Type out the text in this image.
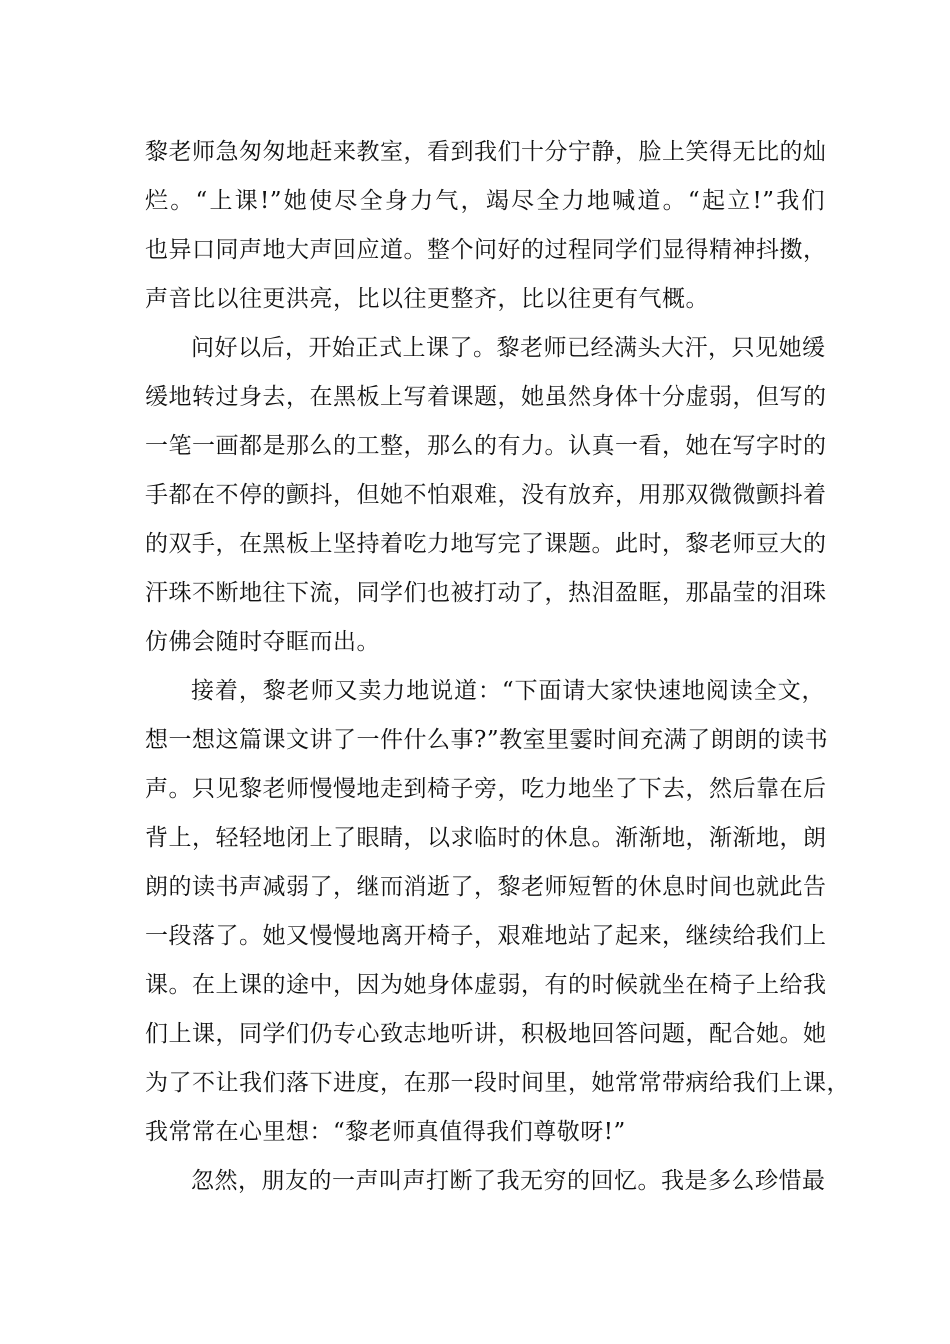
黎老师急匆匆地赶来教室，看到我们十分宁静，脸上笑得无比的灿
烂。“上课!”她使尽全身力气，竭尽全力地喊道。“起立!”我们
也异口同声地大声回应道。整个问好的过程同学们显得精神抖擞，
声音比以往更洪亮，比以往更整齐，比以往更有气概。
问好以后，开始正式上课了。黎老师已经满头大汗，只见她缓
缓地转过身去，在黑板上写着课题，她虽然身体十分虚弱，但写的
一笔一画都是那么的工整，那么的有力。认真一看，她在写字时的
手都在不停的颤抖，但她不怕艰难，没有放弃，用那双微微颤抖着
的双手，在黑板上坚持着吃力地写完了课题。此时，黎老师豆大的
汗珠不断地往下流，同学们也被打动了，热泪盈眶，那晶莹的泪珠
仿佛会随时夺眶而出。
接着，黎老师又卖力地说道：“下面请大家快速地阅读全文，
想一想这篇课文讲了一件什么事?”教室里霎时间充满了朗朗的读书
声。只见黎老师慢慢地走到椅子旁，吃力地坐了下去，然后靠在后
背上，轻轻地闭上了眼睛，以求临时的休息。渐渐地，渐渐地，朗
朗的读书声减弱了，继而消逝了，黎老师短暂的休息时间也就此告
一段落了。她又慢慢地离开椅子，艰难地站了起来，继续给我们上
课。在上课的途中，因为她身体虚弱，有的时候就坐在椅子上给我
们上课，同学们仍专心致志地听讲，积极地回答问题，配合她。她
为了不让我们落下进度，在那一段时间里，她常常带病给我们上课，
我常常在心里想：“黎老师真值得我们尊敬呀!”
忽然，朋友的一声叫声打断了我无穷的回忆。我是多么珍惜最
